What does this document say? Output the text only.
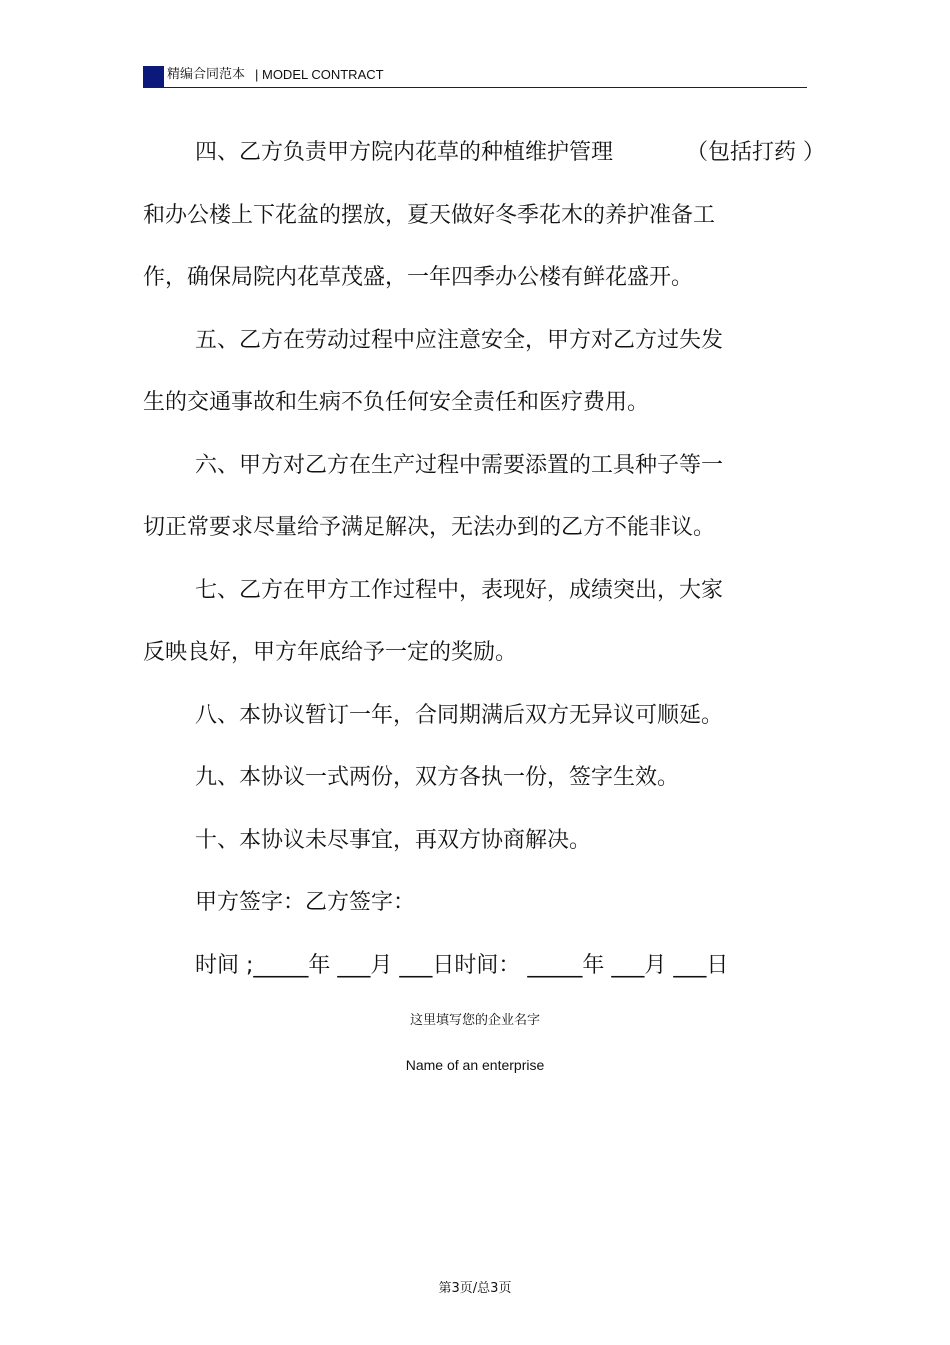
精编合同范本 | MODEL CONTRACT
四、乙方负责甲方院内花草的种植维护管理	（包括打药 ）
和办公楼上下花盆的摆放，夏天做好冬季花木的养护准备工
作，确保局院内花草茂盛，一年四季办公楼有鲜花盛开。
五、乙方在劳动过程中应注意安全，甲方对乙方过失发
生的交通事故和生病不负任何安全责任和医疗费用。
六、甲方对乙方在生产过程中需要添置的工具种子等一
切正常要求尽量给予满足解决，无法办到的乙方不能非议。
七、乙方在甲方工作过程中，表现好，成绩突出，大家
反映良好，甲方年底给予一定的奖励。
八、本协议暂订一年，合同期满后双方无异议可顺延。
九、本协议一式两份，双方各执一份，签字生效。
十、本协议未尽事宜，再双方协商解决。
甲方签字：乙方签字：
时间 ;_____年 ___月 ___日时间： _____年 ___月 ___日
这里填写您的企业名字
Name of an enterprise
第3页/总3页
